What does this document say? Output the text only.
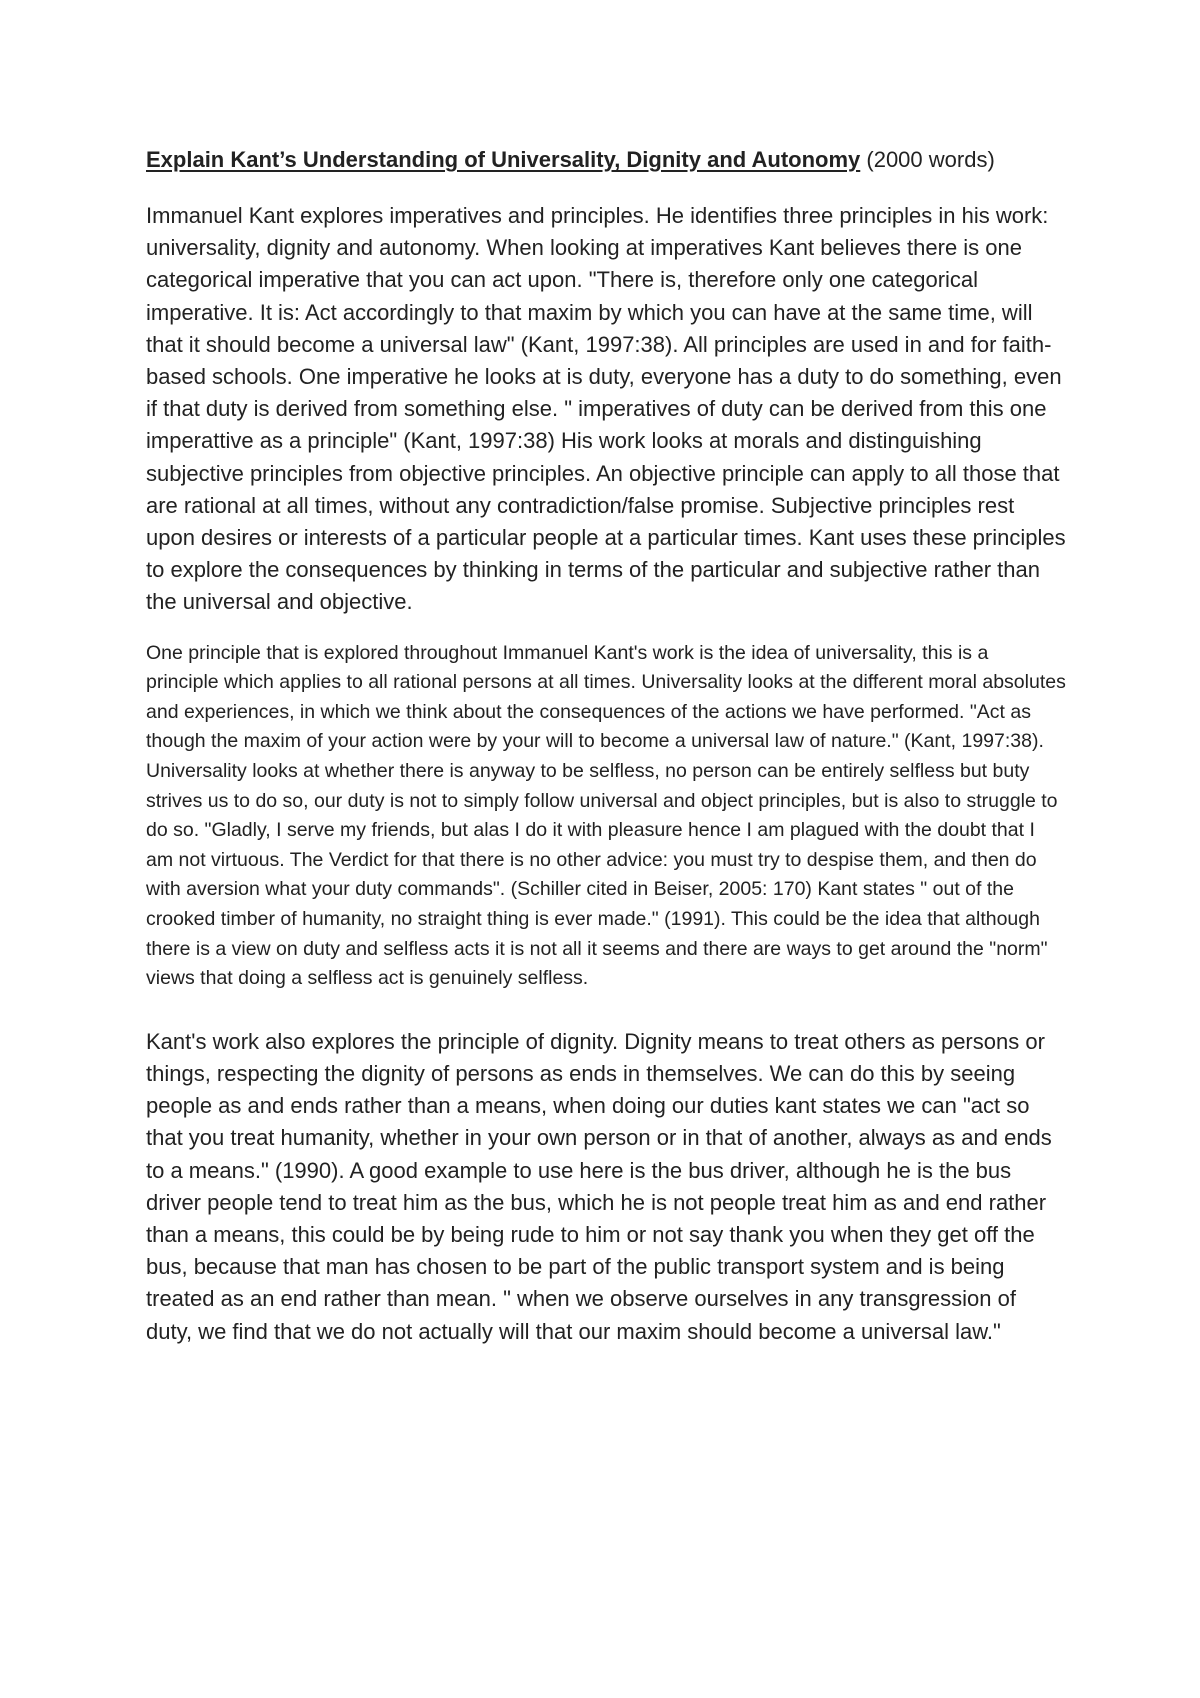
Explain Kant’s Understanding of Universality, Dignity and Autonomy (2000 words)

Immanuel Kant explores imperatives and principles. He identifies three principles in his work: universality, dignity and autonomy. When looking at imperatives Kant believes there is one categorical imperative that you can act upon. "There is, therefore only one categorical imperative. It is: Act accordingly to that maxim by which you can have at the same time, will that it should become a universal law" (Kant, 1997:38). All principles are used in and for faith-based schools. One imperative he looks at is duty, everyone has a duty to do something, even if that duty is derived from something else. " imperatives of duty can be derived from this one imperattive as a principle" (Kant, 1997:38) His work looks at morals and distinguishing subjective principles from objective principles. An objective principle can apply to all those that are rational at all times, without any contradiction/false promise. Subjective principles rest upon desires or interests of a particular people at a particular times. Kant uses these principles to explore the consequences by thinking in terms of the particular and subjective rather than the universal and objective.

One principle that is explored throughout Immanuel Kant's work is the idea of universality, this is a principle which applies to all rational persons at all times. Universality looks at the different moral absolutes and experiences, in which we think about the consequences of the actions we have performed. "Act as though the maxim of your action were by your will to become a universal law of nature." (Kant, 1997:38). Universality looks at whether there is anyway to be selfless, no person can be entirely selfless but buty strives us to do so, our duty is not to simply follow universal and object principles, but is also to struggle to do so. "Gladly, I serve my friends, but alas I do it with pleasure hence I am plagued with the doubt that I am not virtuous. The Verdict for that there is no other advice: you must try to despise them, and then do with aversion what your duty commands". (Schiller cited in Beiser, 2005: 170) Kant states " out of the crooked timber of humanity, no straight thing is ever made." (1991). This could be the idea that although there is a view on duty and selfless acts it is not all it seems and there are ways to get around the "norm" views that doing a selfless act is genuinely selfless.

Kant's work also explores the principle of dignity. Dignity means to treat others as persons or things, respecting the dignity of persons as ends in themselves. We can do this by seeing people as and ends rather than a means, when doing our duties kant states we can "act so that you treat humanity, whether in your own person or in that of another, always as and ends to a means." (1990). A good example to use here is the bus driver, although he is the bus driver people tend to treat him as the bus, which he is not people treat him as and end rather than a means, this could be by being rude to him or not say thank you when they get off the bus, because that man has chosen to be part of the public transport system and is being treated as an end rather than mean. " when we observe ourselves in any transgression of duty, we find that we do not actually will that our maxim should become a universal law."
